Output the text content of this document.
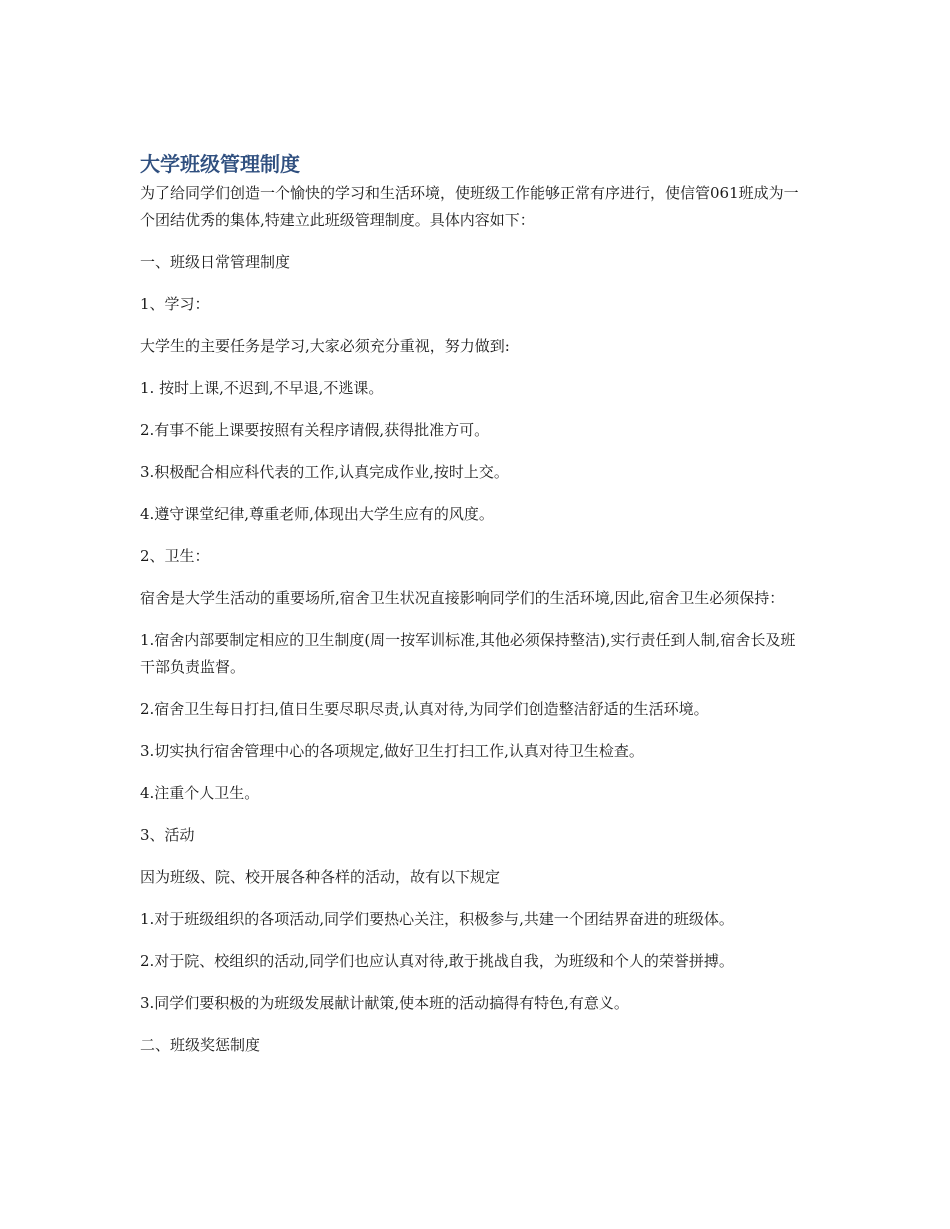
大学班级管理制度

为了给同学们创造一个愉快的学习和生活环境，使班级工作能够正常有序进行，使信管061班成为一个团结优秀的集体,特建立此班级管理制度。具体内容如下：

一、班级日常管理制度

1、学习：

大学生的主要任务是学习,大家必须充分重视，努力做到:

1. 按时上课,不迟到,不早退,不逃课。

2.有事不能上课要按照有关程序请假,获得批准方可。

3.积极配合相应科代表的工作,认真完成作业,按时上交。

4.遵守课堂纪律,尊重老师,体现出大学生应有的风度。

2、卫生：

宿舍是大学生活动的重要场所,宿舍卫生状况直接影响同学们的生活环境,因此,宿舍卫生必须保持：

1.宿舍内部要制定相应的卫生制度(周一按军训标准,其他必须保持整洁),实行责任到人制,宿舍长及班干部负责监督。

2.宿舍卫生每日打扫,值日生要尽职尽责,认真对待,为同学们创造整洁舒适的生活环境。

3.切实执行宿舍管理中心的各项规定,做好卫生打扫工作,认真对待卫生检查。

4.注重个人卫生。

3、活动

因为班级、院、校开展各种各样的活动，故有以下规定

1.对于班级组织的各项活动,同学们要热心关注，积极参与,共建一个团结界奋进的班级体。

2.对于院、校组织的活动,同学们也应认真对待,敢于挑战自我，为班级和个人的荣誉拼搏。

3.同学们要积极的为班级发展献计献策,使本班的活动搞得有特色,有意义。

二、班级奖惩制度
